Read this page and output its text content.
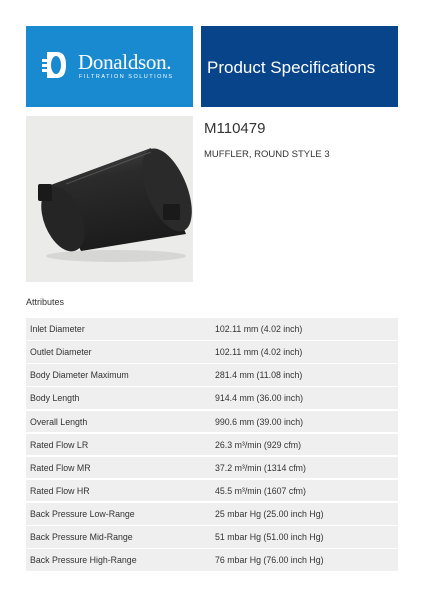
Donaldson.
FILTRATION SOLUTIONS Product Specifications
M110479
MUFFLER, ROUND STYLE 3
Attributes
Inlet Diameter	102.11 mm (4.02 inch)
Outlet Diameter	102.11 mm (4.02 inch)
Body Diameter Maximum	281.4 mm (11.08 inch)
Body Length	914.4 mm (36.00 inch)
Overall Length	990.6 mm (39.00 inch)
Rated Flow LR	26.3 m³/min (929 cfm)
Rated Flow MR	37.2 m³/min (1314 cfm)
Rated Flow HR	45.5 m³/min (1607 cfm)
Back Pressure Low-Range	25 mbar Hg (25.00 inch Hg)
Back Pressure Mid-Range	51 mbar Hg (51.00 inch Hg)
Back Pressure High-Range	76 mbar Hg (76.00 inch Hg)
